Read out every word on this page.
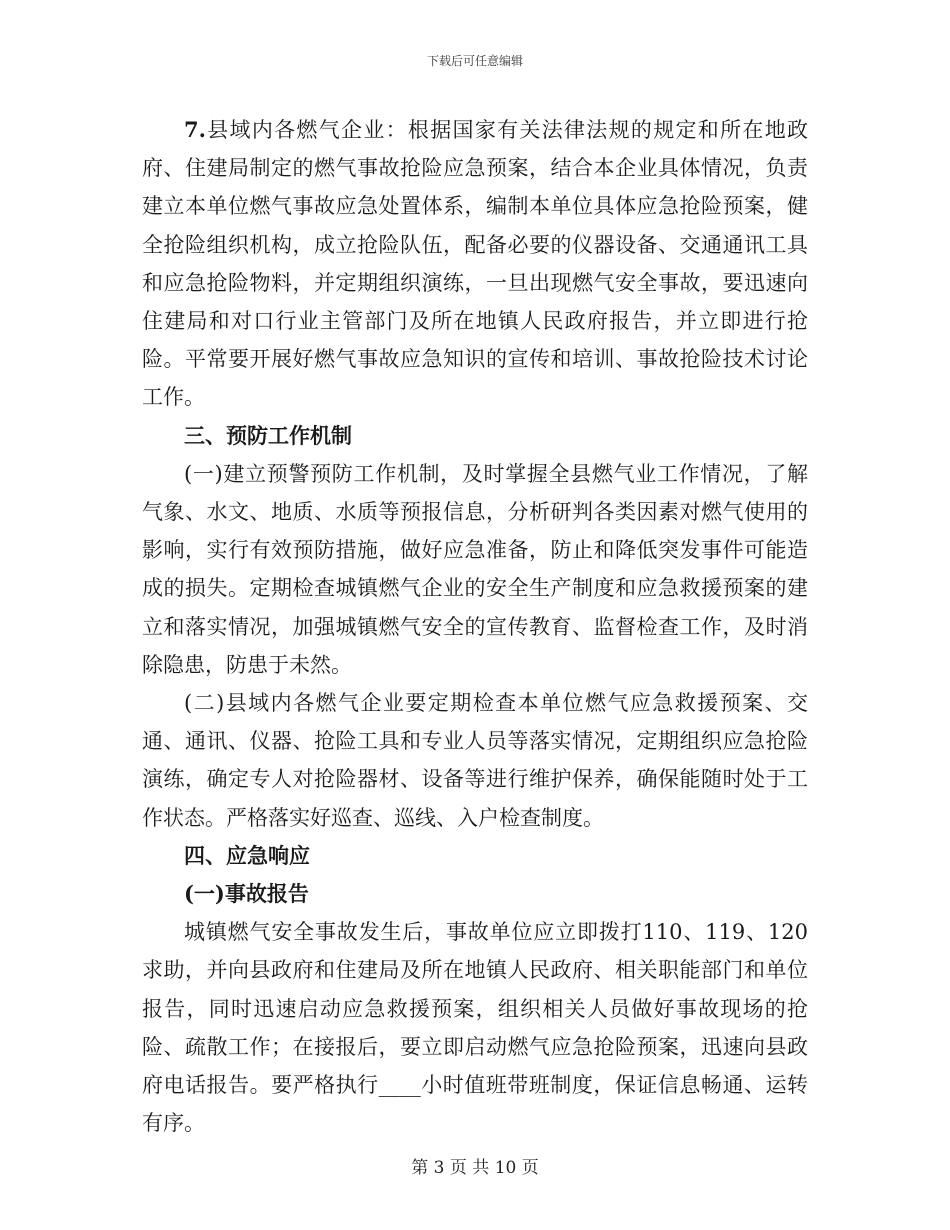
下载后可任意编辑

7.县域内各燃气企业：根据国家有关法律法规的规定和所在地政府、住建局制定的燃气事故抢险应急预案，结合本企业具体情况，负责建立本单位燃气事故应急处置体系，编制本单位具体应急抢险预案，健全抢险组织机构，成立抢险队伍，配备必要的仪器设备、交通通讯工具和应急抢险物料，并定期组织演练，一旦出现燃气安全事故，要迅速向住建局和对口行业主管部门及所在地镇人民政府报告，并立即进行抢险。平常要开展好燃气事故应急知识的宣传和培训、事故抢险技术讨论工作。

三、预防工作机制

(一)建立预警预防工作机制，及时掌握全县燃气业工作情况，了解气象、水文、地质、水质等预报信息，分析研判各类因素对燃气使用的影响，实行有效预防措施，做好应急准备，防止和降低突发事件可能造成的损失。定期检查城镇燃气企业的安全生产制度和应急救援预案的建立和落实情况，加强城镇燃气安全的宣传教育、监督检查工作，及时消除隐患，防患于未然。

(二)县域内各燃气企业要定期检查本单位燃气应急救援预案、交通、通讯、仪器、抢险工具和专业人员等落实情况，定期组织应急抢险演练，确定专人对抢险器材、设备等进行维护保养，确保能随时处于工作状态。严格落实好巡查、巡线、入户检查制度。

四、应急响应

(一)事故报告

城镇燃气安全事故发生后，事故单位应立即拨打110、119、120求助，并向县政府和住建局及所在地镇人民政府、相关职能部门和单位报告，同时迅速启动应急救援预案，组织相关人员做好事故现场的抢险、疏散工作；在接报后，要立即启动燃气应急抢险预案，迅速向县政府电话报告。要严格执行____小时值班带班制度，保证信息畅通、运转有序。

第 3 页 共 10 页
